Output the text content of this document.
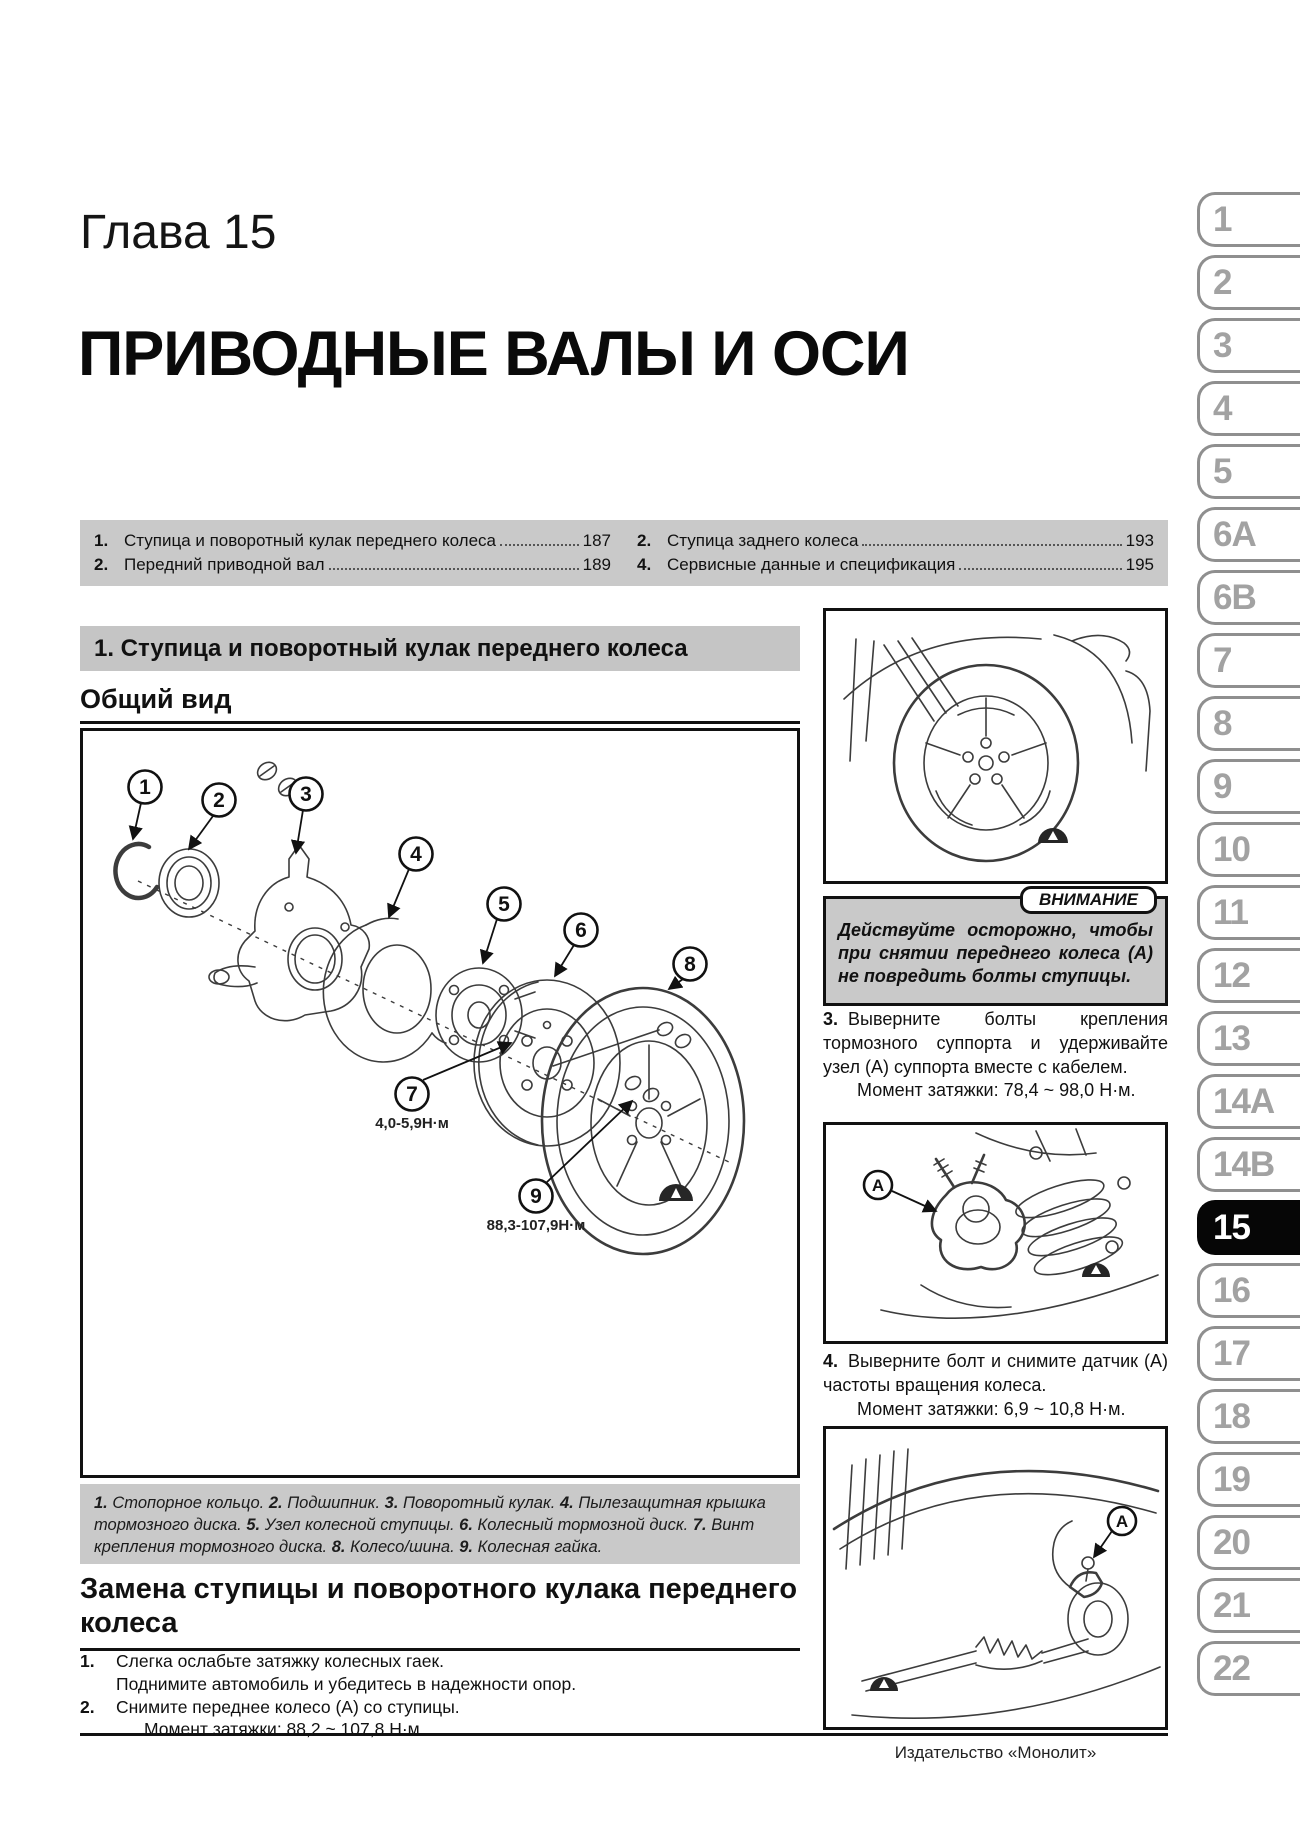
Глава 15
ПРИВОДНЫЕ ВАЛЫ И ОСИ
1. Ступица и поворотный кулак переднего колеса	187
2. Передний приводной вал	189
2. Ступица заднего колеса	193
4. Сервисные данные и спецификация	195
1. Ступица и поворотный кулак переднего колеса
Общий вид
1
2	3
4
5
6
8
7
4,0-5,9Н·м
9
88,3-107,9Н·м
1. Стопорное кольцо. 2. Подшипник. 3. Поворотный кулак. 4. Пылезащитная крышка тормозного диска. 5. Узел колесной ступицы. 6. Колесный тормозной диск. 7. Винт крепления тормозного диска. 8. Колесо/шина. 9. Колесная гайка.
Замена ступицы и поворотного кулака переднего колеса
1.	Слегка ослабьте затяжку колесных гаек.
Поднимите автомобиль и убедитесь в надежности опор.
2.	Снимите переднее колесо (А) со ступицы.
Момент затяжки: 88,2 ~ 107,8 Н·м.
ВНИМАНИЕ
Действуйте осторожно, чтобы при снятии переднего колеса (А) не повредить болты ступицы.
3. Выверните болты крепления тормозного суппорта и удерживайте узел (А) суппорта вместе с кабелем.
Момент затяжки: 78,4 ~ 98,0 Н·м.
А
4. Выверните болт и снимите датчик (А) частоты вращения колеса.
Момент затяжки: 6,9 ~ 10,8 Н·м.
А
Издательство «Монолит»
1
2
3
4
5
6A
6B
7
8
9
10
11
12
13
14A
14B
15
16
17
18
19
20
21
22
